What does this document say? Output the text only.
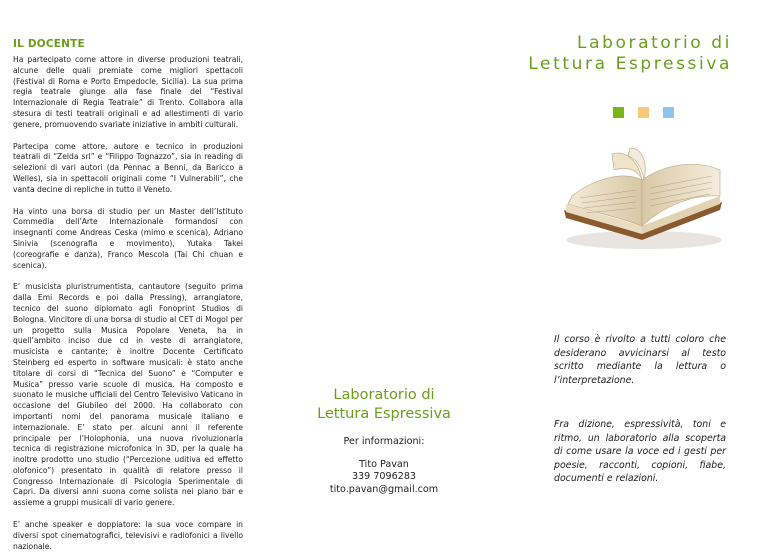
IL DOCENTE

Ha partecipato come attore in diverse produzioni teatrali, alcune delle quali premiate come migliori spettacoli (Festival di Roma e Porto Empedocle, Sicilia). La sua prima regia teatrale giunge alla fase finale del “Festival Internazionale di Regia Teatrale” di Trento. Collabora alla stesura di testi teatrali originali e ad allestimenti di vario genere, promuovendo svariate iniziative in ambiti culturali.

Partecipa come attore, autore e tecnico in produzioni teatrali di “Zelda srl” e “Filippo Tognazzo”, sia in reading di selezioni di vari autori (da Pennac a Benni, da Baricco a Welles), sia in spettacoli originali come “I Vulnerabili”, che vanta decine di repliche in tutto il Veneto.

Ha vinto una borsa di studio per un Master dell’Istituto Commedia dell’Arte Internazionale formandosi con insegnanti come Andreas Ceska (mimo e scenica), Adriano Sinivia (scenografia e movimento), Yutaka Takei (coreografie e danza), Franco Mescola (Tai Chi chuan e scenica).

E’ musicista pluristrumentista, cantautore (seguito prima dalla Emi Records e poi dalla Pressing), arrangiatore, tecnico del suono diplomato agli Fonoprint Studios di Bologna. Vincitore di una borsa di studio al CET di Mogol per un progetto sulla Musica Popolare Veneta, ha in quell’ambito inciso due cd in veste di arrangiatore, musicista e cantante; è inoltre Docente Certificato Steinberg ed esperto in software musicali: è stato anche titolare di corsi di “Tecnica del Suono” e “Computer e Musica” presso varie scuole di musica. Ha composto e suonato le musiche ufficiali del Centro Televisivo Vaticano in occasione del Giubileo del 2000. Ha collaborato con importanti nomi del panorama musicale italiano e internazionale. E’ stato per alcuni anni il referente principale per l’Holophonia, una nuova rivoluzionaria tecnica di registrazione microfonica in 3D, per la quale ha inoltre prodotto uno studio (“Percezione uditiva ed effetto olofonico”) presentato in qualità di relatore presso il Congresso Internazionale di Psicologia Sperimentale di Capri. Da diversi anni suona come solista nei piano bar e assieme a gruppi musicali di vario genere.

E’ anche speaker e doppiatore: la sua voce compare in diversi spot cinematografici, televisivi e radiofonici a livello nazionale.

Laboratorio di
Lettura Espressiva
Per informazioni:
Tito Pavan
339 7096283
tito.pavan@gmail.com
Laboratorio di
Lettura Espressiva
Il corso è rivolto a tutti coloro che desiderano avvicinarsi al testo scritto mediante la lettura o l’interpretazione.
Fra dizione, espressività, toni e ritmo, un laboratorio alla scoperta di come usare la voce ed i gesti per poesie, racconti, copioni, fiabe, documenti e relazioni.
